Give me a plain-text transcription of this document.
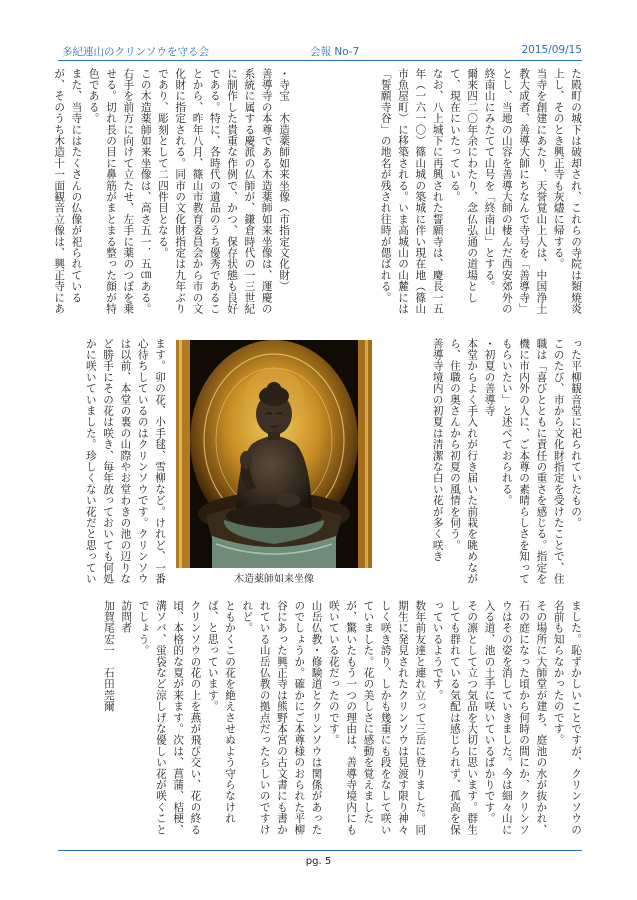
多紀連山のクリンソウを守る会	会報 No-7	2015/09/15

た殿町の城下は破却され、これらの寺院は類焼炎上し、そのとき興正寺も灰燼に帰する。

当寺を創建にあたり、天誉覚山上人は、中国浄土教大成者、善導大師にちなんで寺号を「善導寺」とし、当地の山容を善導大師の棲んだ西安郊外の終南山にみたてて山号を「終南山」とする。

爾来四二〇年余にわたり、念仏弘通の道場として、現在にいたっている。

なお、八上城下に再興された誓願寺は、慶長一五年（一六一〇）篠山城の築城に伴い現在地（篠山市魚屋町）に移築される。いま高城山の山麓には「誓願寺谷」の地名が残され往時が偲ばれる。

・寺宝　木造薬師如来坐像（市指定文化財）

善導寺の本尊である木造薬師如来坐像は、運慶の系統に属する慶派の仏師が、鎌倉時代の一三世紀に制作した貴重な作例で、かつ、保存状態も良好である。特に、各時代の遺品のうち優秀であることから、昨年八月、篠山市教育委員会から市の文化財に指定される。同市の文化財指定は九年ぶりであり、彫刻として二四件目となる。

この木造薬師如来坐像は、高さ五一．五㎝ある。右手を前方に向けて立たせ、左手に薬のつぼを乗せる。切れ長の目に鼻筋がまとまる整った顔が特色である。

また、当寺にはたくさんの仏像が祀られているが、そのうち木造十一面観音立像は、興正寺にあ

った平柳観音堂に祀られていたもの。

このたび、市から文化財指定を受けたことで、住職は「喜びとともに責任の重さを感じる。指定を機に市内外の人に、ご本尊の素晴らしさを知ってもらいたい」と述べておられる。

・初夏の善導寺

本堂からよく手入れが行き届いた前栽を眺めながら、住職の奥さんから初夏の風情を伺う。

善導寺境内の初夏は清潔な白い花が多く咲き

木造薬師如来坐像

ます。卯の花、小手毬、雪柳など。けれど、一番心待ちしているのはクリンソウです。クリンソウは以前、本堂の裏の山際やお堂わきの池の辺りなど勝手にその花は咲き、毎年放っておいても何処かに咲いていました。珍しくない花だと思ってい

ました。恥ずかしいことですが、クリンソウの名前も知らなかったのです。

その場所に大師堂が建ち、庭池の水が抜かれ、石の庭になった頃から何時の間にか、クリンソウはその姿を消していきました。今は細々山に入る道、池の土手に咲いているばかりです。

その凛として立つ気品を大切に思います。群生しても群れている気配は感じられず、孤高を保っているようです。

数年前友達と連れ立って三岳に登りました。同期生に発見されたクリンソウは見渡す限り神々しく咲き誇り、しかも幾重にも段をなして咲いていました。花の美しさに感動を覚えましたが、驚いたもう一つの理由は、善導寺境内にも咲いている花だったのです。

山岳仏教・修験道とクリンソウは関係があったのでしょうか。確かにご本尊様のおられた平柳谷にあった興正寺は熊野本宮の古文書にも書かれている山岳仏教の拠点だったらしいのですけれど。

ともかくこの花を絶えさせぬよう守らなければ、と思っています。

クリンソウの花の上を燕が飛び交い、花の終る頃、本格的な夏が来ます。次は、菖蒲、桔梗、溝ソバ、蛍袋など涼しげな優しい花が咲くことでしょう。

訪問者

加賀尾宏一　石田莞爾

pg. 5
